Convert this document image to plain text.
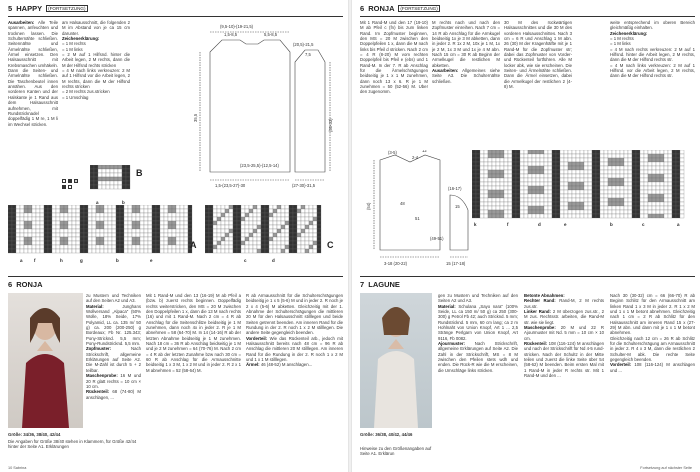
5 HAPPY $^{(FORTSETZUNG)}$

Ausarbeiten: Alle Teile spannen, anfeuchten und trocknen lassen. Die Schulternähte schließen. Seitennähte und Ärmelnähte schließen, Ärmel einsetzen. Den Halsausschnitt mit Krebsmaschen umhäkeln. Dann die Seiten- und Ärmelnähte schließen. Die Taschenbeutel innen annähen. Aus den vorderen Kanten und der Halskante je 1 Rand aus dem Halsausschnitt aufnehmen, mit Rundstricknadel doppelfädig 1 M re, 1 M li im Wechsel stricken.

am Halsausschnitt, die folgenden 2 M im Abstand von je ca 15 cm darunter.

Zeichenerklärung:

= 1 M rechts

= 1 M links

= 2 M auf 1 Hilfsnd. hinter die Arbeit legen, 2 M rechts, dann die M der Hilfsnd rechts stricken

= 4 M nach links verkreuzen: 2 M auf 1 Hilfsnd vor die Arbeit legen, 2 M rechts, dann die M der Hilfsnd rechts stricken

= 2 M rechts zus.stricken

= 1 Umschlag

(9,5-10)-(19-21,5)
1,5-8,5	5,5-8,5
35,5
(20,5)-21,5
7,5
(30-33)
1,5-(23,5-27)-30	(27-30)-31,5
(23,5-25,5)-(12,5-14)
B
A	C
a	f	h	g	b	e	c	d
a	b
6 RONJA

zu Mustern und Techniken auf den Seiten A2 und A3.

Material: Junghans Wollversand „Alpaca" (50% Wolle, 18% Seide, 17% Polyamid, LL ca. 135 m/ 50 g) ca. 200 (200-250) g Bordeaux; Fb Nr. 125.343; Pony-Stricknd. 5,5 mm; Pony-Rundstricknd. 5,5 mm.

Zopfmuster: Nach Strickschrift, allgemeine Erklärungen auf Seite A2. Die M-Zahl ist durch 5 + 2 teilbar.

Maschenprobe: 16 M und 20 R glatt rechts = 10 cm × 10 cm.

Rückenteil: 68 (74-80) M anschlagen, ...

Mit 1 Rand-M und den 13 (16-19) M ab Pfeil a (bzw. b) zuerst rechts beginnen. Doppelfädig rechts weiterstricken, den MS = 20 M zwischen den Doppelpfeilen 1 x, dann die 13 M nach rechts (16) und mit 1 Rand-M. Nach 2 cm = 4 R ab Anschlag für die Seitenschlitze beidseitig je 1 M zunehmen, dann noch 4x in jeder 2. R je 1 M abnehmen = 58 (64-70) M. In 14 (14-16) R ab der letzten Abnahme beidseitig je 1 M zunehmen. Nach 18 cm = 36 R ab Anschlag beidseitig je 1 M und je 2 M zunehmen = 64 (70-76) M. Nach 2 cm = 4 R ab der letzten Zunahme bzw nach 30 cm = 60 R ab Anschlag für die Armausschnitte beidseitig 1 x 3 M, 1 x 2 M und in jeder 2. R 2 x 1 M abnehmen = 52 (58-64) M.

R ab Armausschnitt für die Schulterschrägungen beidseitig je 1 x 5 (5-6) M und in jeder 2. R noch je 2 x 4 (5-6) M abketten. Gleichzeitig mit der 1. Abnahme der Schulterschrägungen die mittleren 20 M für den Halsausschnitt stilllegen und beide Seiten getrennt beenden. Am inneren Rand für die Rundung in der 2. R noch 1 x 2 M stilllegen. Die andere Seite gegengleich beenden.

Vorderteil: Wie das Rückenteil arb., jedoch mit Halsausschnitt bereits nach 48 cm = 96 R ab Anschlag die mittleren 20 M stilllegen. Am inneren Rand für die Rundung in der 2. R noch 1 x 2 M und 1 x 1 M stilllegen.

Ärmel: 46 (48-52) M anschlagen...

Größe: 34/36, 38/40, 42/44
Die Angaben für Größe 38/40 stehen in Klammern, für Größe 42/44 hinter der Seite A1. Erklärungen
10 Sabrina
6 RONJA $^{(FORTSETZUNG)}$

Mit 1 Rand-M und den 17 (19-10) M ab Pfeil c (fn) bis zum linken Rand. Im Zopfmuster beginnen, den MS = 20 M zwischen den Doppelpfeilen 1 x, dann die M nach links bis Pfeil d stricken. Nach 2 cm = 4 R (8-20) M vom rechten Doppelpfeil bis Pfeil e (ebs) und 1 Rand-M. In der 7. R ab Anschlag für die Ärmelschrägungen beidseitig je 1 x 1 M zunehmen, dann noch 13 x 6. R je 1 M zunehmen = 50 (52-56) M. Uber den zugenomm.

M rechts nach und nach den Zopfmuster einreihen. Nach 7 cm = 14 R ab Anschlag für die Armkugel beidseitig 1x je 3 M abketten, dann in jeder 2. R 1x 2 M, 10x je 1 M, 1x je 2 M, 1x 3 M und 1x je 4 M abn. Nach 15 cm = 30 R ab Beginn der Armelkugel die restlichen M abketten.

Ausarbeiten: Allgemeines siehe Seite A3. Die Schulternähte schließen.

30 M des rückwärtigen Halsausschnittes und die 30 M des vorderen Halsausschnittes. Nach 3 cm = 6 R und Anschlag 1 M abn. 26 (30) M der Kragenhälfte mit je 1 Rand-M für die Zopfmuster str; dabei das Zopfmuster von Vorder- und Rückenteil fortführen. Alle M locker abk, wie sie erscheinen. Die Seiten- und Ärmelnähte schließen. Dann die Ärmel einsetzen, dabei die Armelkugel der restlichen 2 (4-8) M.

weite entsprechend im oberen Bereich gleichmäßig einhalten.

Zeichenerklärung:

= 1 M rechts

= 1 M links

= 4 M nach rechts verkreuzen: 2 M auf 1 Hilfsnd. hinter die Arbeit legen, 2 M rechts, dann die M der Hilfsnd rechts str.

= 4 M nach links verkreuzen: 2 M auf 1 Hilfsnd. vor die Arbeit legen, 2 M rechts, dann die M der Hilfsnd rechts str.

(3-5)
2-4
12
(54)	48
51
(49-51)
(16-17)
15
3-18 (20-22)	15 (17-18)
k	f	d	e	b	c	a
7 LAGUNE

gen zu Mustern und Techniken auf den Seiten A2 und A3.

Material: Schulana „Sayo nara" (100% Seide, LL ca 150 m/ 50 g) ca 250 (300-300) g Petrol Fb 42; auch Stricknd. 5 mm; Rundstricknd. 5 mm, 60 cm lang; ca 2 m Hohlnaht von Union Knopf, Art 1 ... 2,5 Stränge Perlgarn von Union Knopf, Art 9116, Fb 0082.

Ajourmuster: Nach Strickschrift, allgemeine Erklärungen auf Seite A2. Die Zahl in der Strickschrift, MS = 8 M zwischen den Pfeilen stets wdh und enden. Die Rück-R wie die M erscheinen, die Umschläge links stricken.

Betonte Abnahmen:

Rechter Rand: Rand-M, 2 M rechts zus.str.

Linker Rand: 2 M überzogen zus.str., 2 M zus. Rechtsstr. arbeiten, die Rand-M str. wie sie liegt.

Maschenprobe: 20 M und 22 R Ajourmuster mit Nd. 5 mm = 10 cm × 10 cm.

Rückenteil: 108 (116-124) M anschlagen und nach der Strickschrift für Nd 4-5 rund-stricken. Nach der Schultz in der Mitte teilen und zuerst die linke Seite über 54 (58-62) M beenden. Beim ersten Mal mit 1 Rand-M in jeder R rechts str. Mit 1 Rand-M und den ...

Nach 30 (30-32) cm = 66 (66-70) R ab Beginn Schlitz für den Armausschnitt am linken Rand 1 x 3 M in jeder 2. R 1 x 2 M und 1 x 1 M betont abnehmen. Gleichzeitig nach 1 cm = 2 R ab Schlitz für den Halsausschnitt am inneren Rand 15 x (27-29) M abn. und dann mit je 1 x 1 M betont abnehmen.

Gleichzeitig nach 12 cm = 26 R ab Schlitz für die Schulterschrägung am Armausschnitt in jeder 2. R 4 x 3 M, dann die restlichen 2 Schulter-M abk. Die rechte Seite gegengleich beenden.

Vorderteil: 108 (116-124) M anschlagen und ...

Größe: 36/38, 40/42, 44/46
Hinweise zu den Größenangaben auf Seite A1. Erklärun
Fortsetzung auf nächster Seite
